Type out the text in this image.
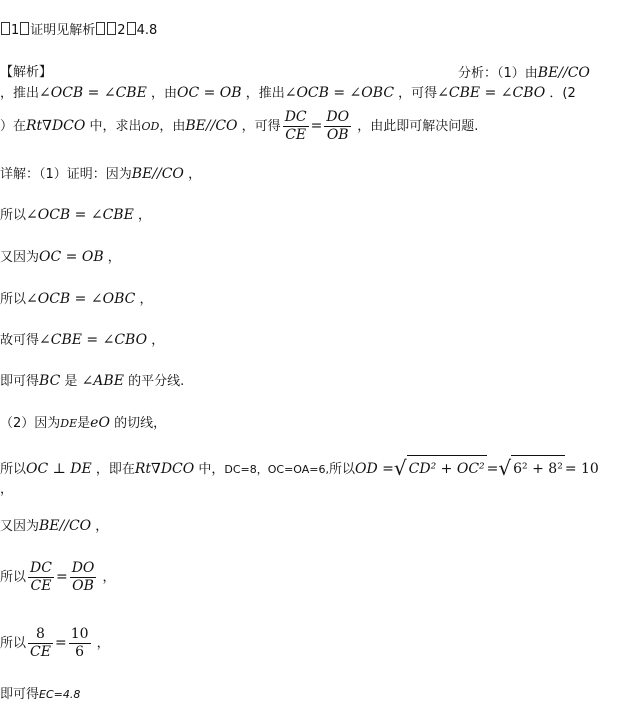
1 证明见解析 2 4.8
【解析】	分析：（1）由BE//CO
，推出∠OCB = ∠CBE ，由OC = OB ，推出∠OCB = ∠OBC ，可得∠CBE = ∠CBO ．(2
）在Rt∇DCO 中，求出OD，由BE//CO ，可得 $\frac{DC}{CE} = \frac{DO}{OB}$ ，由此即可解决问题.
详解：（1）证明：因为BE//CO ，
所以∠OCB = ∠CBE ，
又因为OC = OB ，
所以∠OCB = ∠OBC ，
故可得∠CBE = ∠CBO ，
即可得BC 是 ∠ABE 的平分线.
（2）因为DE是eO 的切线，
所以OC ⊥ DE ，即在Rt∇DCO 中，DC=8，OC=OA=6,所以OD =√ CD² + OC² =√ 6² + 8² = 10
，
又因为BE//CO ，
所以 $\frac{DC}{CE} = \frac{DO}{OB}$ ，
所以 $\frac{8}{CE} = \frac{10}{6}$ ，
即可得EC=4.8
